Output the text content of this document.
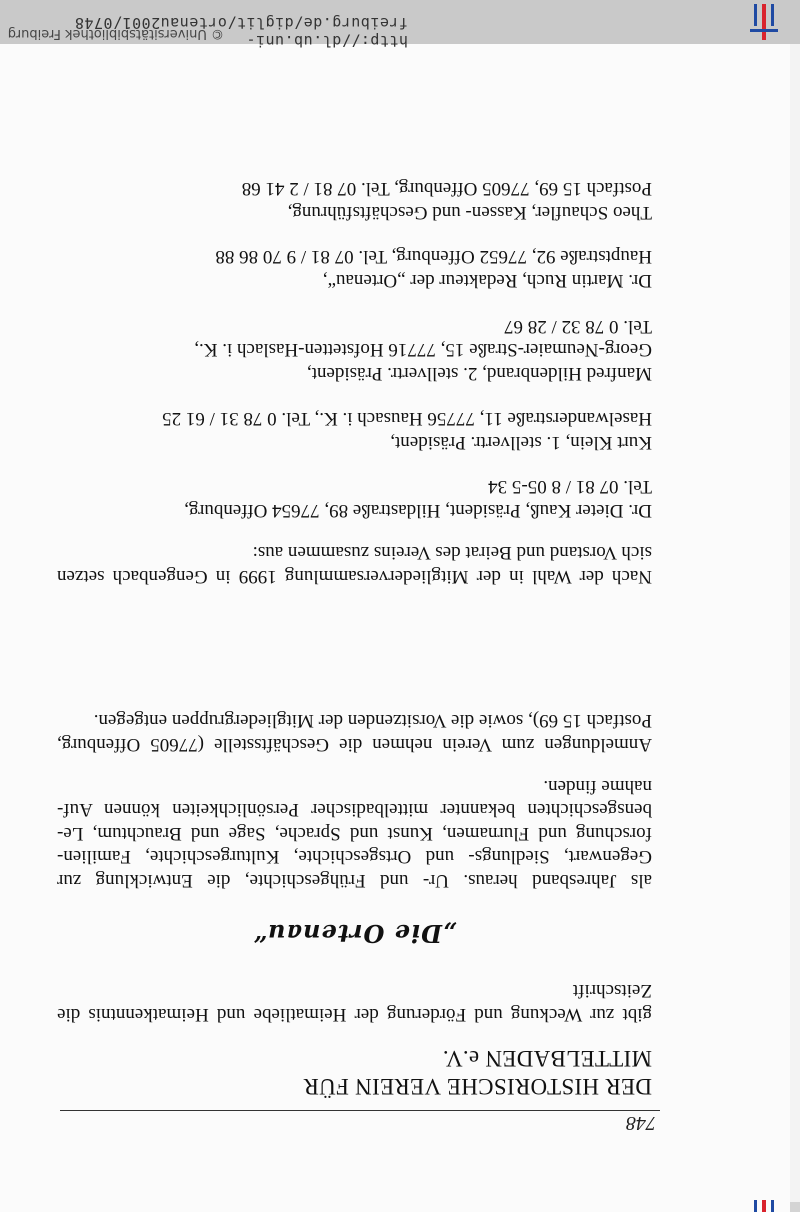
748
DER HISTORISCHE VEREIN FÜR
MITTELBADEN e.V.
gibt zur Weckung und Förderung der Heimatliebe und Heimatkenntnis die
Zeitschrift
„Die Ortenau“
als Jahresband heraus. Ur- und Frühgeschichte, die Entwicklung zur
Gegenwart, Siedlungs- und Ortsgeschichte, Kulturgeschichte, Familien-
forschung und Flurnamen, Kunst und Sprache, Sage und Brauchtum, Le-
bensgeschichten bekannter mittelbadischer Persönlichkeiten können Auf-
nahme finden.
Anmeldungen zum Verein nehmen die Geschäftsstelle (77605 Offenburg,
Postfach 15 69), sowie die Vorsitzenden der Mitgliedergruppen entgegen.
Nach der Wahl in der Mitgliederversammlung 1999 in Gengenbach setzen
sich Vorstand und Beirat des Vereins zusammen aus:
Dr. Dieter Kauß, Präsident, Hildastraße 89, 77654 Offenburg,
Tel. 07 81 / 8 05-5 34
Kurt Klein, 1. stellvertr. Präsident,
Haselwanderstraße 11, 77756 Hausach i. K., Tel. 0 78 31 / 61 25
Manfred Hildenbrand, 2. stellvertr. Präsident,
Georg-Neumaier-Straße 15, 77716 Hofstetten-Haslach i. K.,
Tel. 0 78 32 / 28 67
Dr. Martin Ruch, Redakteur der „Ortenau“,
Hauptstraße 92, 77652 Offenburg, Tel. 07 81 / 9 70 86 88
Theo Schaufler, Kassen- und Geschäftsführung,
Postfach 15 69, 77605 Offenburg, Tel. 07 81 / 2 41 68
© Universitätsbibliothek Freiburg	http://dl.ub.uni-freiburg.de/diglit/ortenau2001/0748
